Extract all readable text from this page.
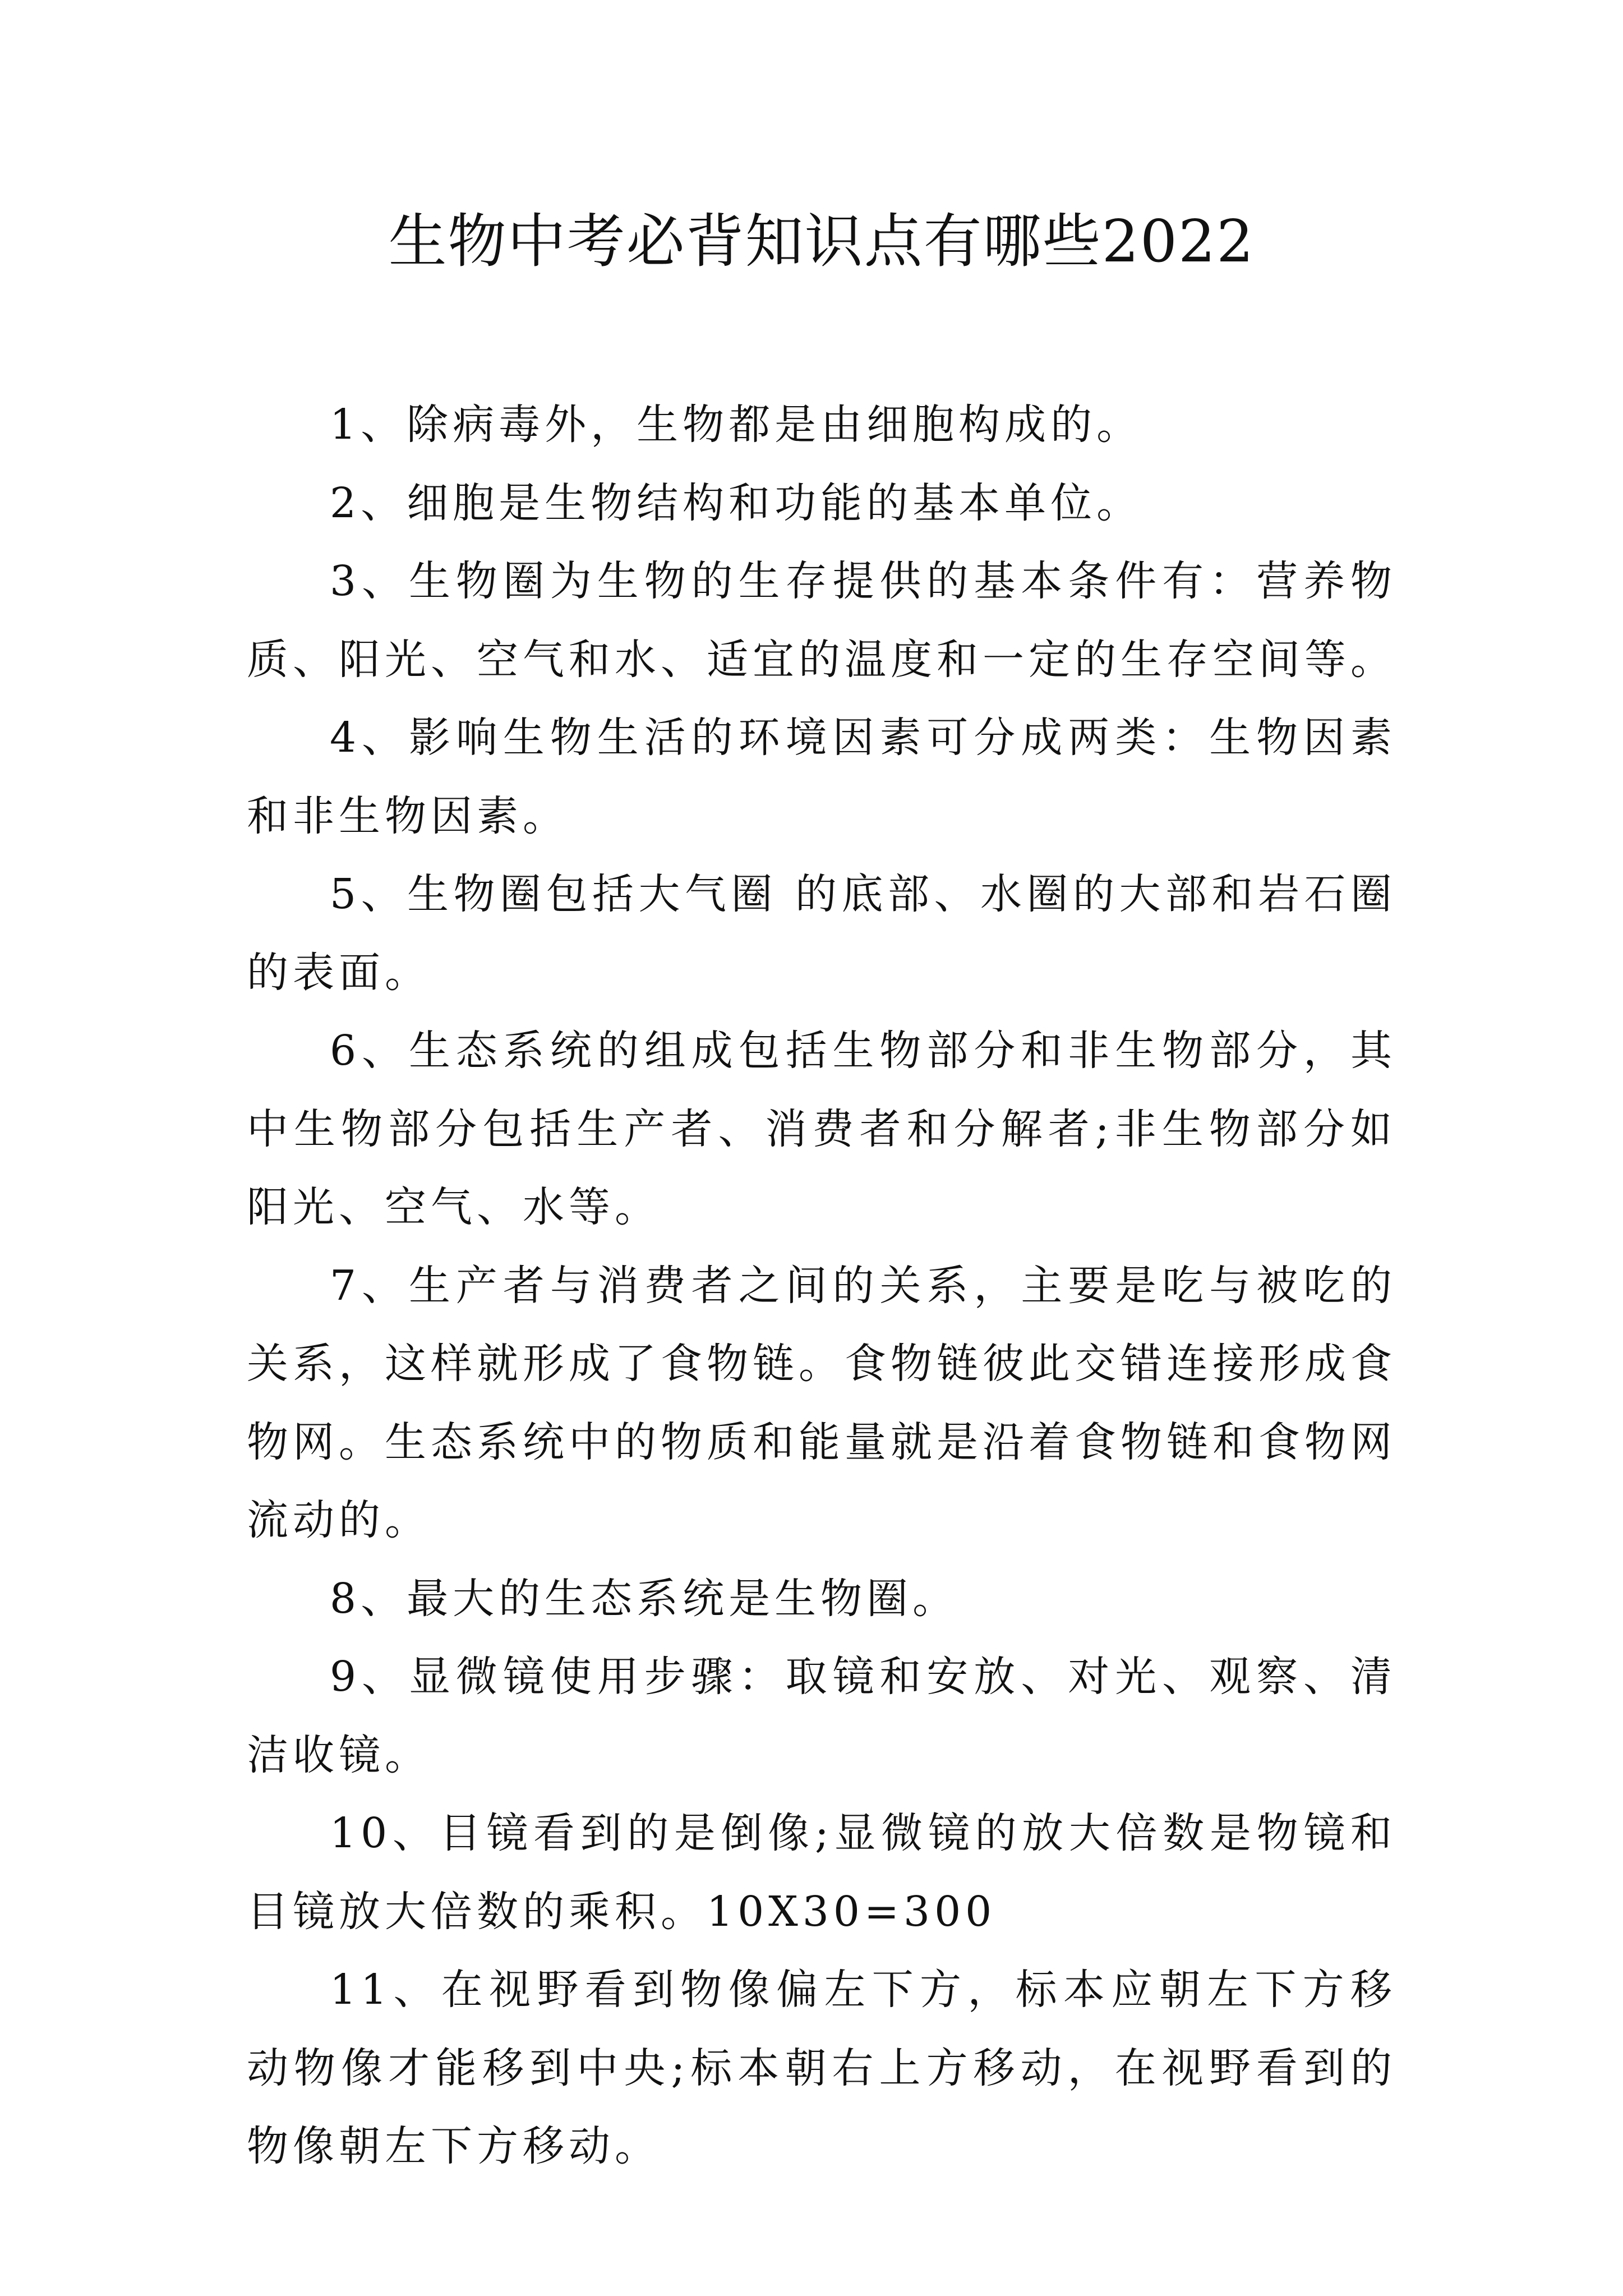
生物中考必背知识点有哪些2022

1、除病毒外，生物都是由细胞构成的。

2、细胞是生物结构和功能的基本单位。

3、生物圈为生物的生存提供的基本条件有：营养物质、阳光、空气和水、适宜的温度和一定的生存空间等。

4、影响生物生活的环境因素可分成两类：生物因素和非生物因素。

5、生物圈包括大气圈 的底部、水圈的大部和岩石圈的表面。

6、生态系统的组成包括生物部分和非生物部分，其中生物部分包括生产者、消费者和分解者;非生物部分如阳光、空气、水等。

7、生产者与消费者之间的关系，主要是吃与被吃的关系，这样就形成了食物链。食物链彼此交错连接形成食物网。生态系统中的物质和能量就是沿着食物链和食物网流动的。

8、最大的生态系统是生物圈。

9、显微镜使用步骤：取镜和安放、对光、观察、清洁收镜。

10、目镜看到的是倒像;显微镜的放大倍数是物镜和目镜放大倍数的乘积。10X30=300

11、在视野看到物像偏左下方，标本应朝左下方移动物像才能移到中央;标本朝右上方移动，在视野看到的物像朝左下方移动。
